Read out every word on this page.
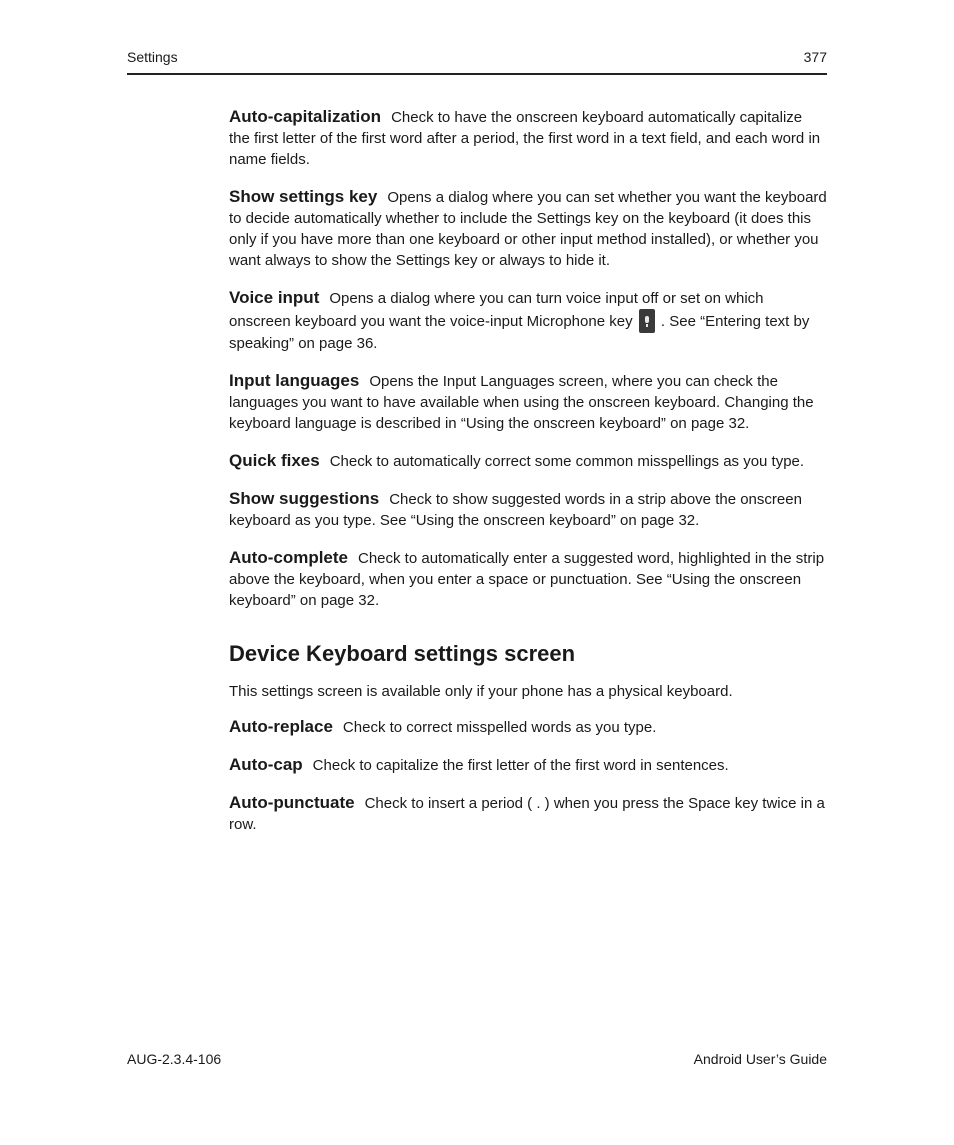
Settings	377

Auto-capitalization Check to have the onscreen keyboard automatically capitalize the first letter of the first word after a period, the first word in a text field, and each word in name fields.

Show settings key Opens a dialog where you can set whether you want the keyboard to decide automatically whether to include the Settings key on the keyboard (it does this only if you have more than one keyboard or other input method installed), or whether you want always to show the Settings key or always to hide it.

Voice input Opens a dialog where you can turn voice input off or set on which onscreen keyboard you want the voice-input Microphone key . See “Entering text by speaking” on page 36.

Input languages Opens the Input Languages screen, where you can check the languages you want to have available when using the onscreen keyboard. Changing the keyboard language is described in “Using the onscreen keyboard” on page 32.

Quick fixes Check to automatically correct some common misspellings as you type.

Show suggestions Check to show suggested words in a strip above the onscreen keyboard as you type. See “Using the onscreen keyboard” on page 32.

Auto-complete Check to automatically enter a suggested word, highlighted in the strip above the keyboard, when you enter a space or punctuation. See “Using the onscreen keyboard” on page 32.

Device Keyboard settings screen

This settings screen is available only if your phone has a physical keyboard.

Auto-replace Check to correct misspelled words as you type.

Auto-cap Check to capitalize the first letter of the first word in sentences.

Auto-punctuate Check to insert a period ( . ) when you press the Space key twice in a row.

AUG-2.3.4-106	Android User’s Guide
